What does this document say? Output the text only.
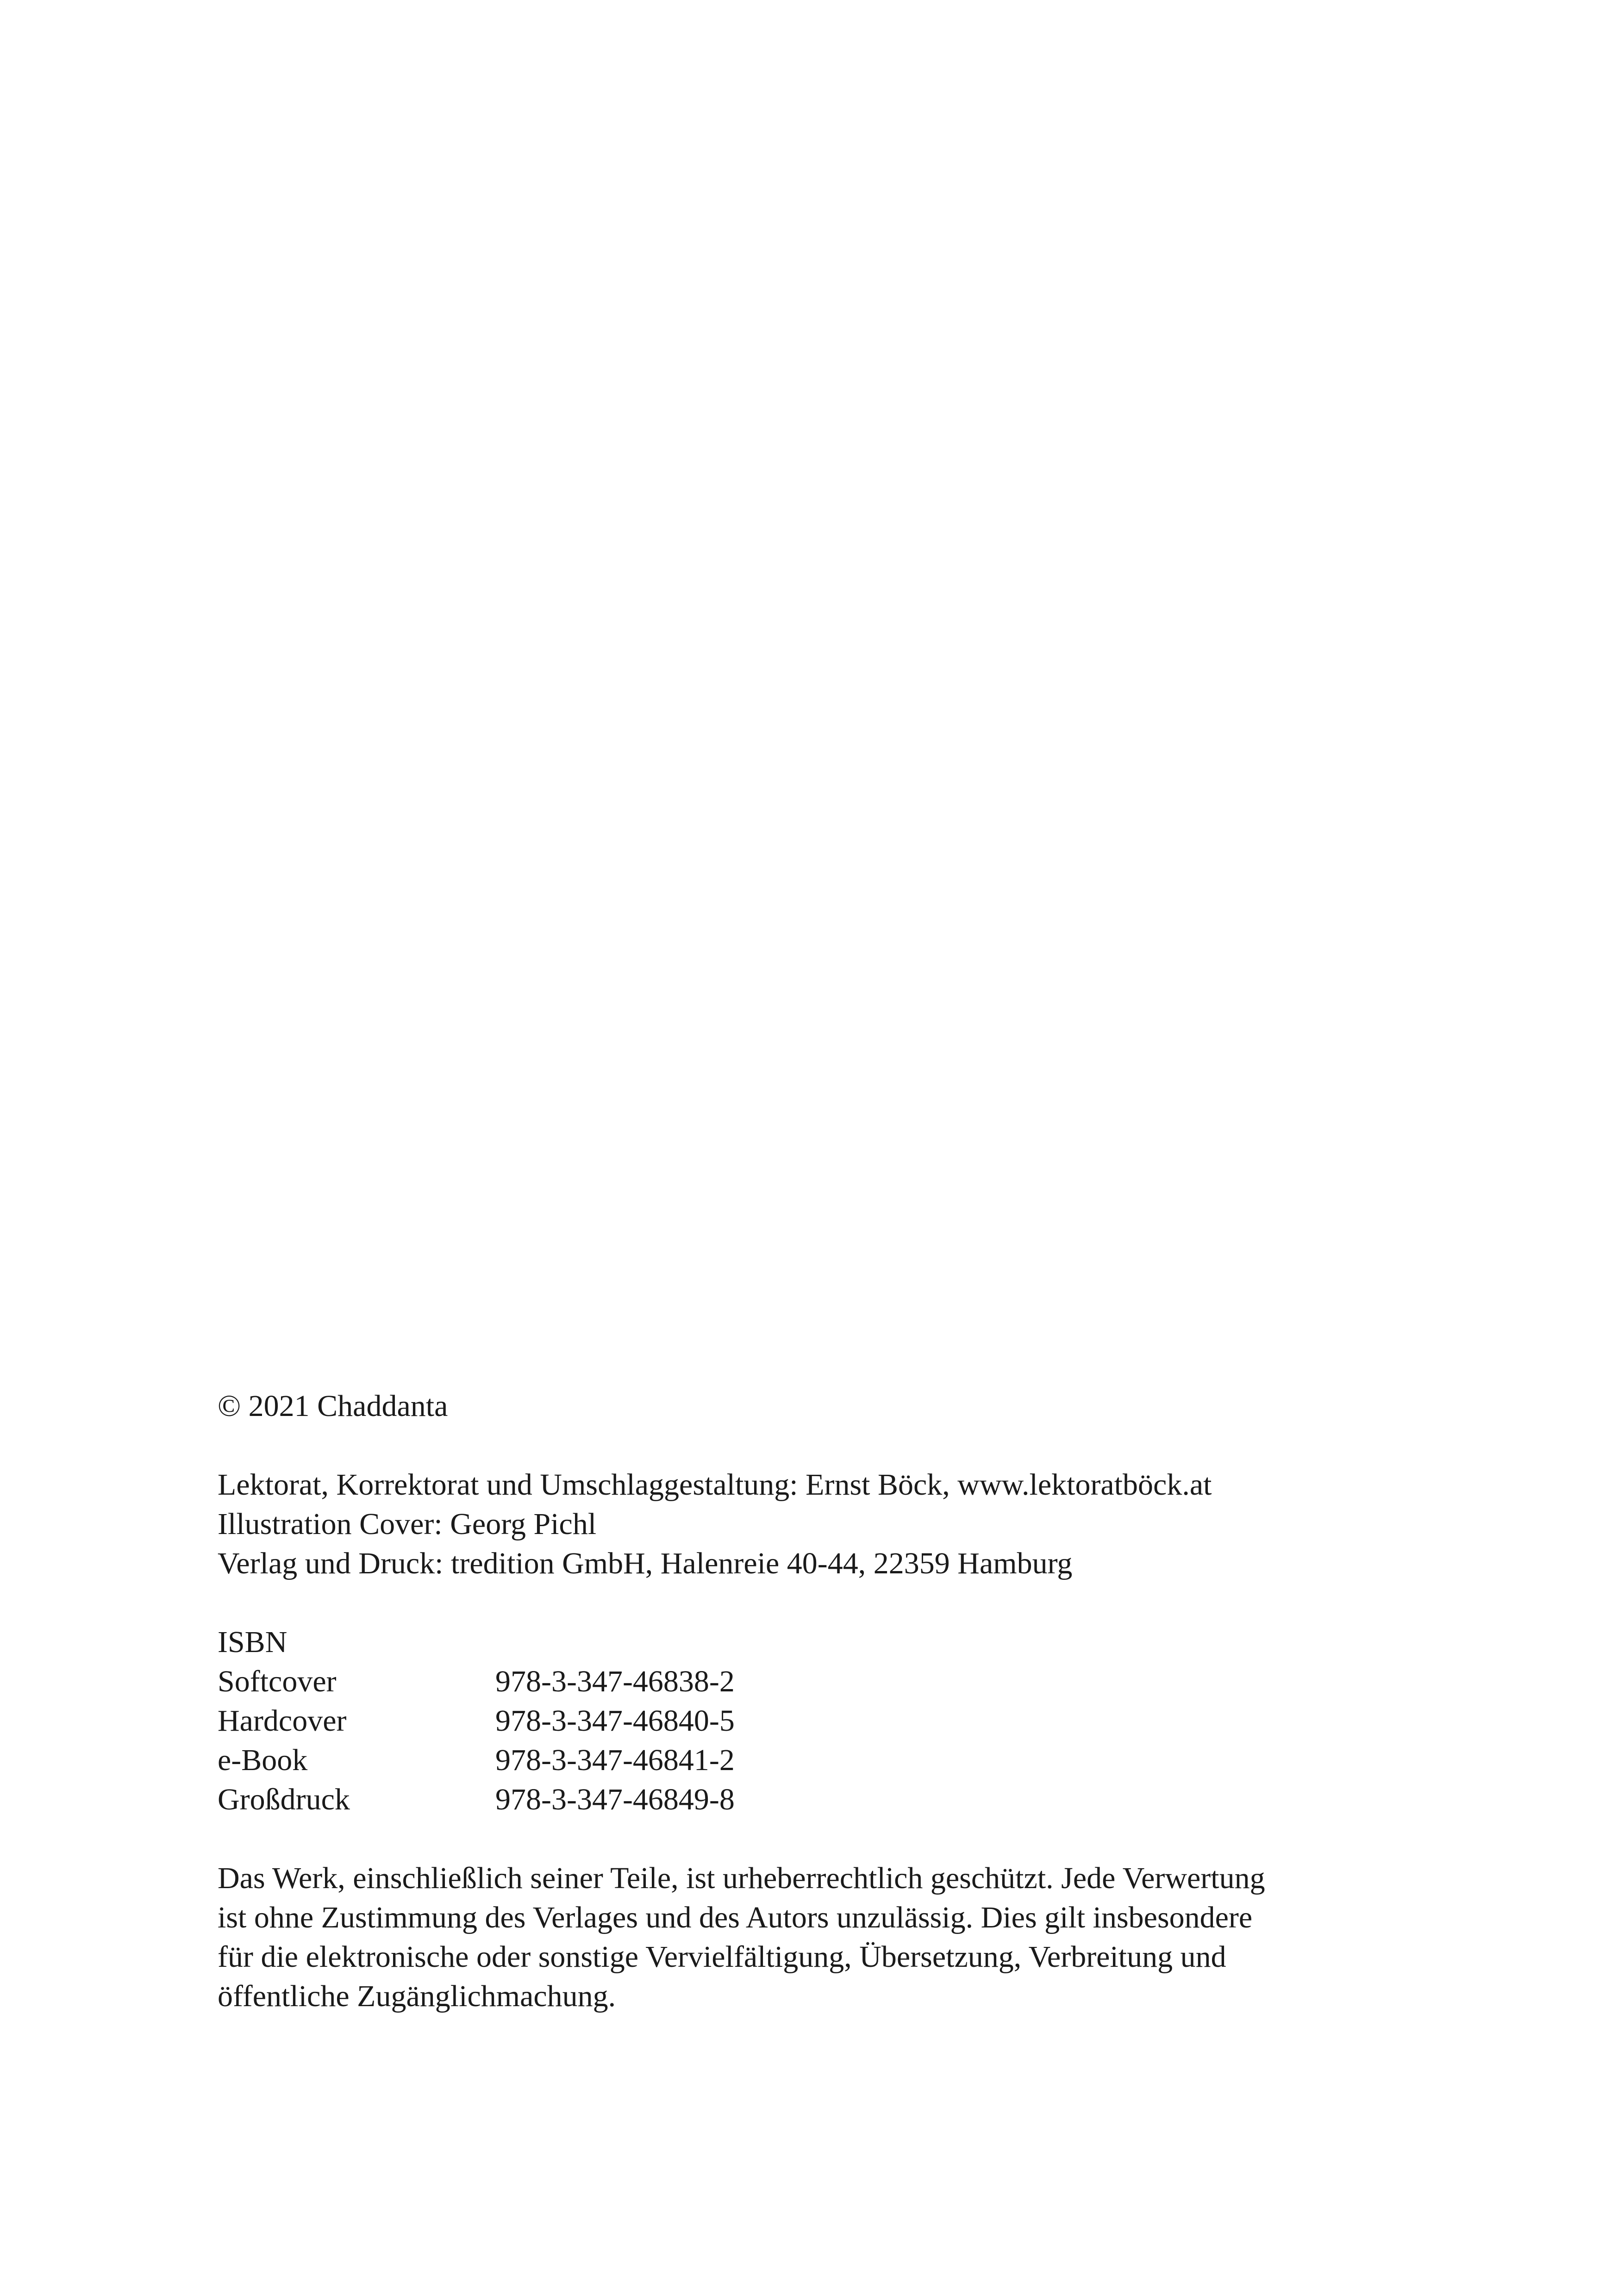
© 2021 Chaddanta
Lektorat, Korrektorat und Umschlaggestaltung: Ernst Böck, www.lektoratböck.at
Illustration Cover: Georg Pichl
Verlag und Druck: tredition GmbH, Halenreie 40-44, 22359 Hamburg
ISBN
Softcover	978-3-347-46838-2
Hardcover	978-3-347-46840-5
e-Book	978-3-347-46841-2
Großdruck	978-3-347-46849-8

Das Werk, einschließlich seiner Teile, ist urheberrechtlich geschützt. Jede Verwertung

ist ohne Zustimmung des Verlages und des Autors unzulässig. Dies gilt insbesondere

für die elektronische oder sonstige Vervielfältigung, Übersetzung, Verbreitung und

öffentliche Zugänglichmachung.
